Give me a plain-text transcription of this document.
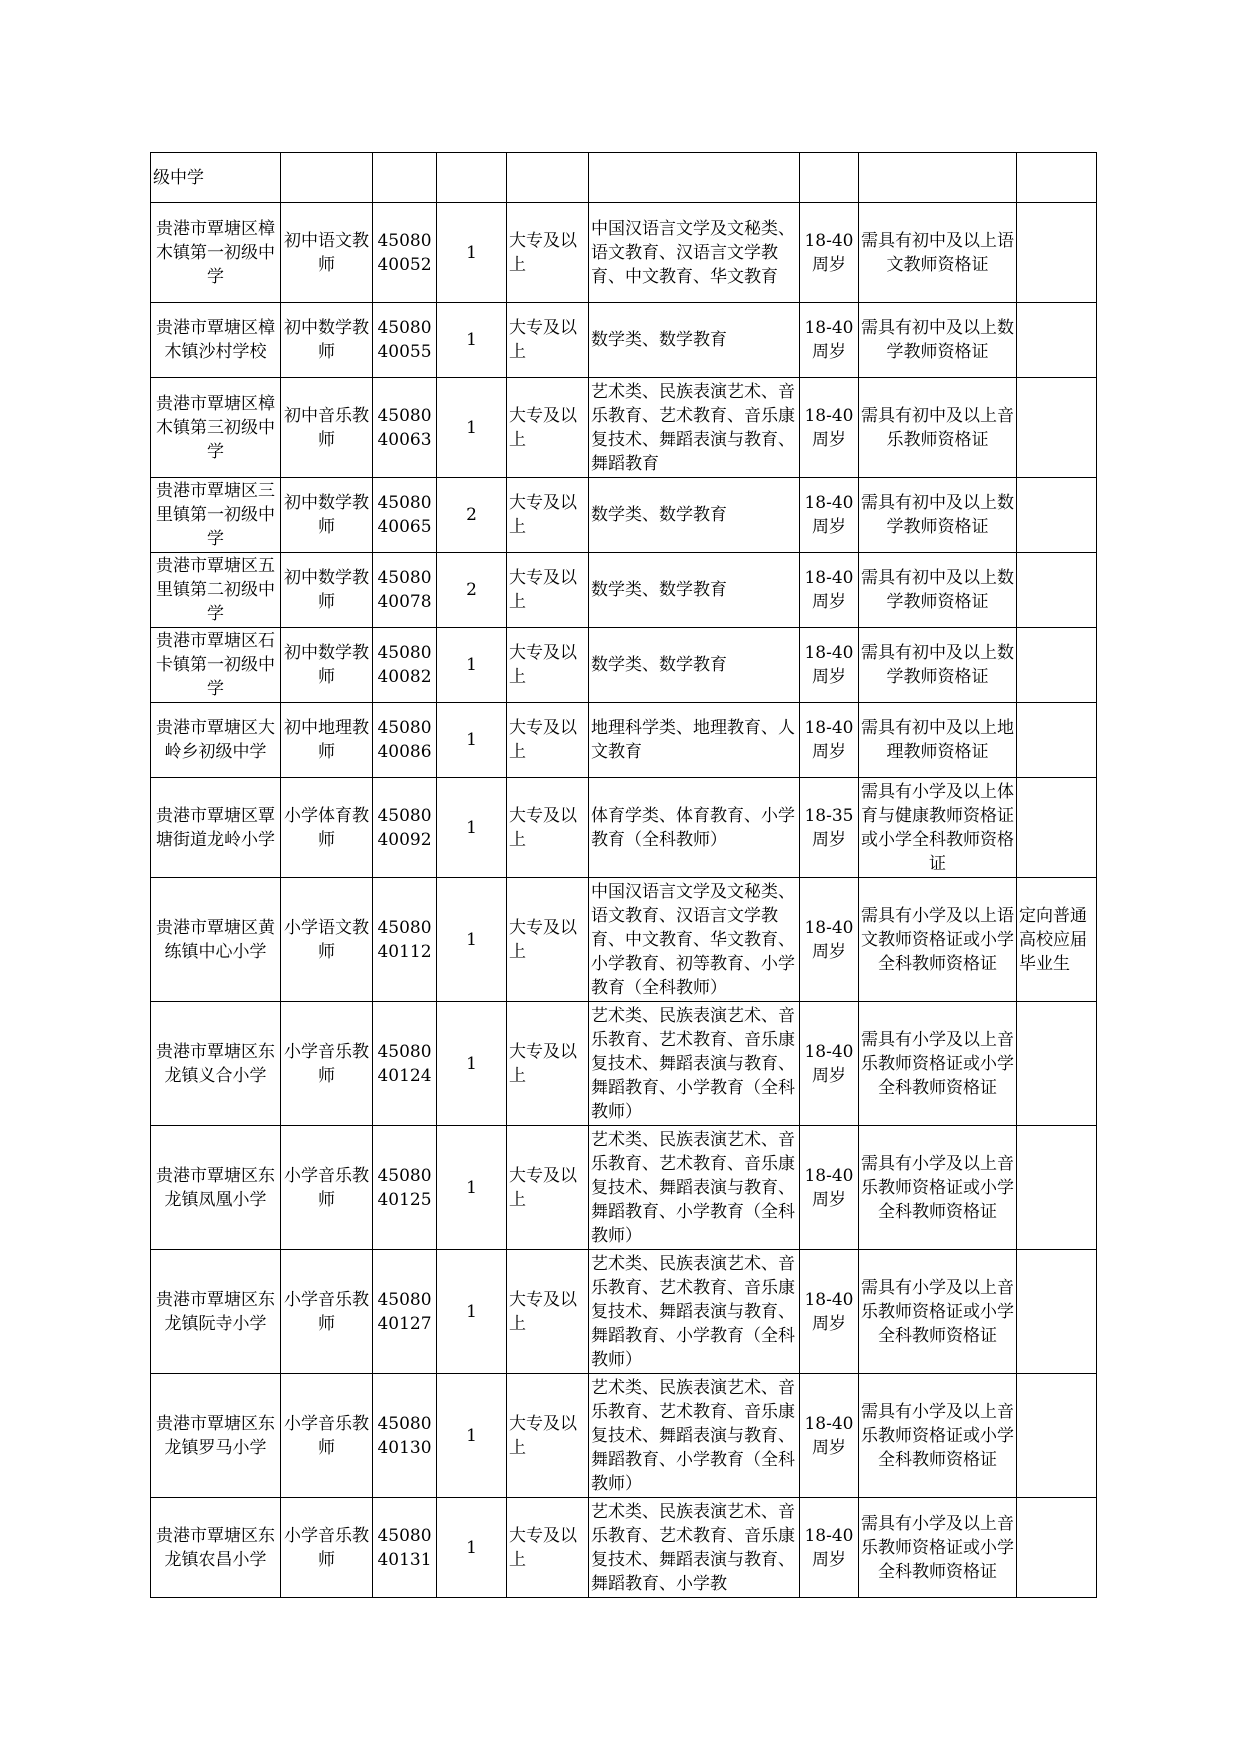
级中学								
贵港市覃塘区樟木镇第一初级中学	初中语文教师	4508040052	1	大专及以上	中国汉语言文学及文秘类、语文教育、汉语言文学教育、中文教育、华文教育	18-40周岁	需具有初中及以上语文教师资格证	
贵港市覃塘区樟木镇沙村学校	初中数学教师	4508040055	1	大专及以上	数学类、数学教育	18-40周岁	需具有初中及以上数学教师资格证	
贵港市覃塘区樟木镇第三初级中学	初中音乐教师	4508040063	1	大专及以上	艺术类、民族表演艺术、音乐教育、艺术教育、音乐康复技术、舞蹈表演与教育、舞蹈教育	18-40周岁	需具有初中及以上音乐教师资格证	
贵港市覃塘区三里镇第一初级中学	初中数学教师	4508040065	2	大专及以上	数学类、数学教育	18-40周岁	需具有初中及以上数学教师资格证	
贵港市覃塘区五里镇第二初级中学	初中数学教师	4508040078	2	大专及以上	数学类、数学教育	18-40周岁	需具有初中及以上数学教师资格证	
贵港市覃塘区石卡镇第一初级中学	初中数学教师	4508040082	1	大专及以上	数学类、数学教育	18-40周岁	需具有初中及以上数学教师资格证	
贵港市覃塘区大岭乡初级中学	初中地理教师	4508040086	1	大专及以上	地理科学类、地理教育、人文教育	18-40周岁	需具有初中及以上地理教师资格证	
贵港市覃塘区覃塘街道龙岭小学	小学体育教师	4508040092	1	大专及以上	体育学类、体育教育、小学教育（全科教师）	18-35周岁	需具有小学及以上体育与健康教师资格证或小学全科教师资格证	
贵港市覃塘区黄练镇中心小学	小学语文教师	4508040112	1	大专及以上	中国汉语言文学及文秘类、语文教育、汉语言文学教育、中文教育、华文教育、小学教育、初等教育、小学教育（全科教师）	18-40周岁	需具有小学及以上语文教师资格证或小学全科教师资格证	定向普通高校应届毕业生
贵港市覃塘区东龙镇义合小学	小学音乐教师	4508040124	1	大专及以上	艺术类、民族表演艺术、音乐教育、艺术教育、音乐康复技术、舞蹈表演与教育、舞蹈教育、小学教育（全科教师）	18-40周岁	需具有小学及以上音乐教师资格证或小学全科教师资格证	
贵港市覃塘区东龙镇凤凰小学	小学音乐教师	4508040125	1	大专及以上	艺术类、民族表演艺术、音乐教育、艺术教育、音乐康复技术、舞蹈表演与教育、舞蹈教育、小学教育（全科教师）	18-40周岁	需具有小学及以上音乐教师资格证或小学全科教师资格证	
贵港市覃塘区东龙镇阮寺小学	小学音乐教师	4508040127	1	大专及以上	艺术类、民族表演艺术、音乐教育、艺术教育、音乐康复技术、舞蹈表演与教育、舞蹈教育、小学教育（全科教师）	18-40周岁	需具有小学及以上音乐教师资格证或小学全科教师资格证	
贵港市覃塘区东龙镇罗马小学	小学音乐教师	4508040130	1	大专及以上	艺术类、民族表演艺术、音乐教育、艺术教育、音乐康复技术、舞蹈表演与教育、舞蹈教育、小学教育（全科教师）	18-40周岁	需具有小学及以上音乐教师资格证或小学全科教师资格证	
贵港市覃塘区东龙镇农昌小学	小学音乐教师	4508040131	1	大专及以上	艺术类、民族表演艺术、音乐教育、艺术教育、音乐康复技术、舞蹈表演与教育、舞蹈教育、小学教	18-40周岁	需具有小学及以上音乐教师资格证或小学全科教师资格证	
